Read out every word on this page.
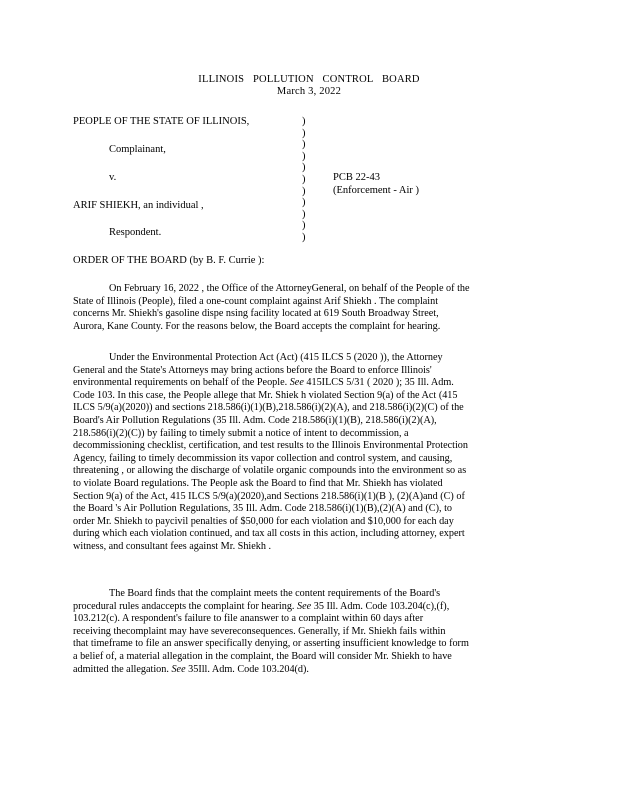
ILLINOIS POLLUTION CONTROL BOARD
March 3, 2022
PEOPLE OF THE STATE OF ILLINOIS,
Complainant,
v.	PCB 22-43
(Enforcement - Air )
ARIF SHIEKH, an individual ,
Respondent.
)
)
)
)
)
)
)
)
)
)
)
ORDER OF THE BOARD (by B. F. Currie ):
On February 16, 2022 , the Office of the AttorneyGeneral, on behalf of the People of the
State of Illinois (People), filed a one-count complaint against Arif Shiekh . The complaint
concerns Mr. Shiekh's gasoline dispe nsing facility located at 619 South Broadway Street,
Aurora, Kane County. For the reasons below, the Board accepts the complaint for hearing.
Under the Environmental Protection Act (Act) (415 ILCS 5 (2020 )), the Attorney
General and the State's Attorneys may bring actions before the Board to enforce Illinois'
environmental requirements on behalf of the People. See 415ILCS 5/31 ( 2020 ); 35 Ill. Adm.
Code 103. In this case, the People allege that Mr. Shiek h violated Section 9(a) of the Act (415
ILCS 5/9(a)(2020)) and sections 218.586(i)(1)(B),218.586(i)(2)(A), and 218.586(i)(2)(C) of the
Board's Air Pollution Regulations (35 Ill. Adm. Code 218.586(i)(1)(B), 218.586(i)(2)(A),
218.586(i)(2)(C)) by failing to timely submit a notice of intent to decommission, a
decommissioning checklist, certification, and test results to the Illinois Environmental Protection
Agency, failing to timely decommission its vapor collection and control system, and causing,
threatening , or allowing the discharge of volatile organic compounds into the environment so as
to violate Board regulations. The People ask the Board to find that Mr. Shiekh has violated
Section 9(a) of the Act, 415 ILCS 5/9(a)(2020),and Sections 218.586(i)(1)(B ), (2)(A)and (C) of
the Board 's Air Pollution Regulations, 35 Ill. Adm. Code 218.586(i)(1)(B),(2)(A) and (C), to
order Mr. Shiekh to paycivil penalties of $50,000 for each violation and $10,000 for each day
during which each violation continued, and tax all costs in this action, including attorney, expert
witness, and consultant fees against Mr. Shiekh .
The Board finds that the complaint meets the content requirements of the Board's
procedural rules andaccepts the complaint for hearing. See 35 Ill. Adm. Code 103.204(c),(f),
103.212(c). A respondent's failure to file ananswer to a complaint within 60 days after
receiving thecomplaint may have severeconsequences. Generally, if Mr. Shiekh fails within
that timeframe to file an answer specifically denying, or asserting insufficient knowledge to form
a belief of, a material allegation in the complaint, the Board will consider Mr. Shiekh to have
admitted the allegation. See 35Ill. Adm. Code 103.204(d).
